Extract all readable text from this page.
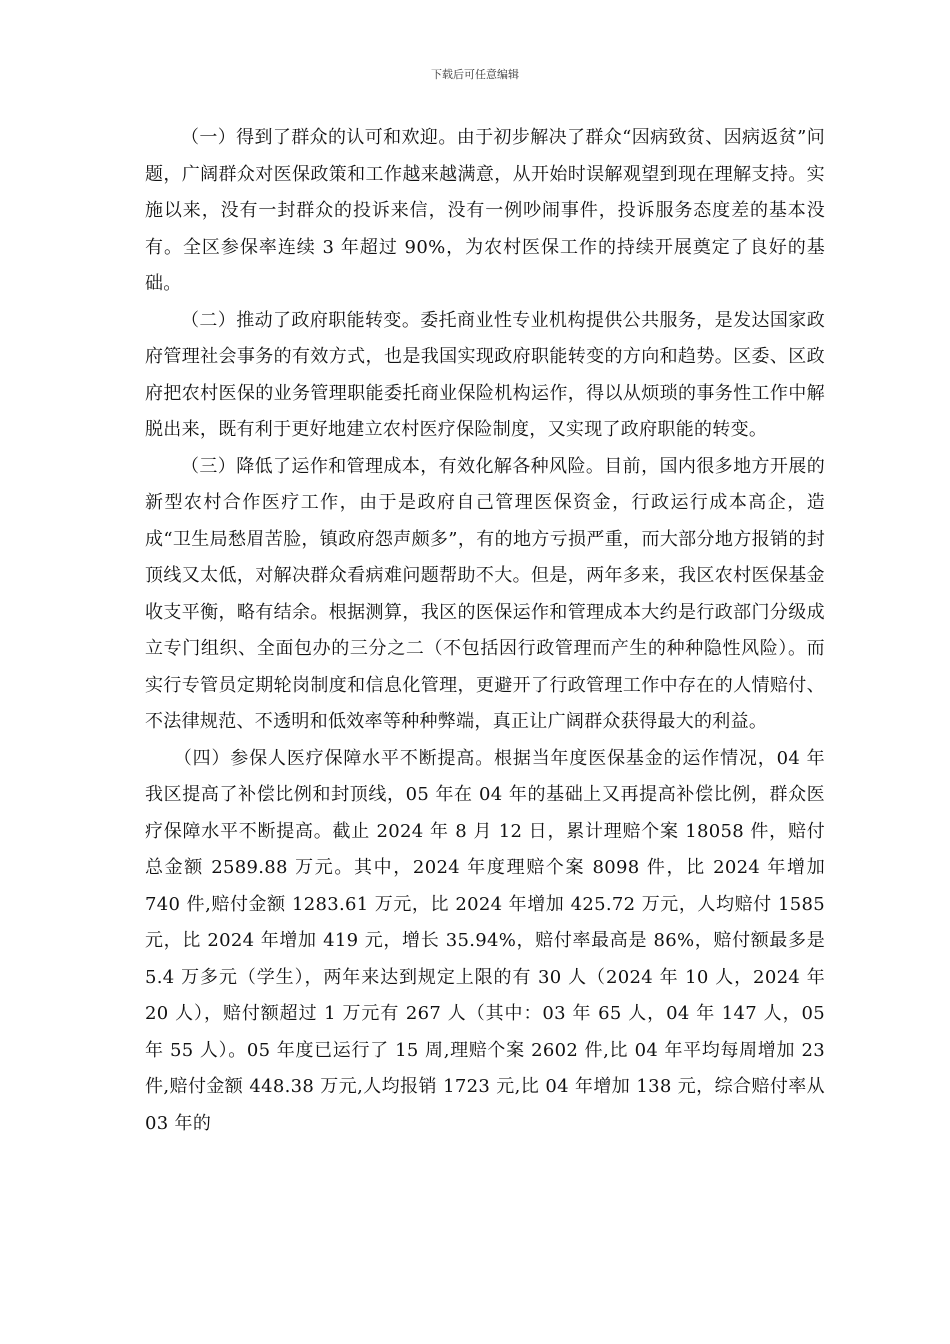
下载后可任意编辑

（一）得到了群众的认可和欢迎。由于初步解决了群众“因病致贫、因病返贫”问题，广阔群众对医保政策和工作越来越满意，从开始时误解观望到现在理解支持。实施以来，没有一封群众的投诉来信，没有一例吵闹事件，投诉服务态度差的基本没有。全区参保率连续 3 年超过 90%，为农村医保工作的持续开展奠定了良好的基础。

（二）推动了政府职能转变。委托商业性专业机构提供公共服务，是发达国家政府管理社会事务的有效方式，也是我国实现政府职能转变的方向和趋势。区委、区政府把农村医保的业务管理职能委托商业保险机构运作，得以从烦琐的事务性工作中解脱出来，既有利于更好地建立农村医疗保险制度，又实现了政府职能的转变。

（三）降低了运作和管理成本，有效化解各种风险。目前，国内很多地方开展的新型农村合作医疗工作，由于是政府自己管理医保资金，行政运行成本高企，造成“卫生局愁眉苦脸，镇政府怨声颇多”，有的地方亏损严重，而大部分地方报销的封顶线又太低，对解决群众看病难问题帮助不大。但是，两年多来，我区农村医保基金收支平衡，略有结余。根据测算，我区的医保运作和管理成本大约是行政部门分级成立专门组织、全面包办的三分之二（不包括因行政管理而产生的种种隐性风险）。而实行专管员定期轮岗制度和信息化管理，更避开了行政管理工作中存在的人情赔付、不法律规范、不透明和低效率等种种弊端，真正让广阔群众获得最大的利益。

（四）参保人医疗保障水平不断提高。根据当年度医保基金的运作情况，04 年我区提高了补偿比例和封顶线，05 年在 04 年的基础上又再提高补偿比例，群众医疗保障水平不断提高。截止 2024 年 8 月 12 日，累计理赔个案 18058 件，赔付总金额 2589.88 万元。其中，2024 年度理赔个案 8098 件，比 2024 年增加 740 件,赔付金额 1283.61 万元，比 2024 年增加 425.72 万元，人均赔付 1585 元，比 2024 年增加 419 元，增长 35.94%，赔付率最高是 86%，赔付额最多是 5.4 万多元（学生），两年来达到规定上限的有 30 人（2024 年 10 人，2024 年 20 人），赔付额超过 1 万元有 267 人（其中：03 年 65 人，04 年 147 人，05 年 55 人）。05 年度已运行了 15 周,理赔个案 2602 件,比 04 年平均每周增加 23 件,赔付金额 448.38 万元,人均报销 1723 元,比 04 年增加 138 元，综合赔付率从 03 年的
